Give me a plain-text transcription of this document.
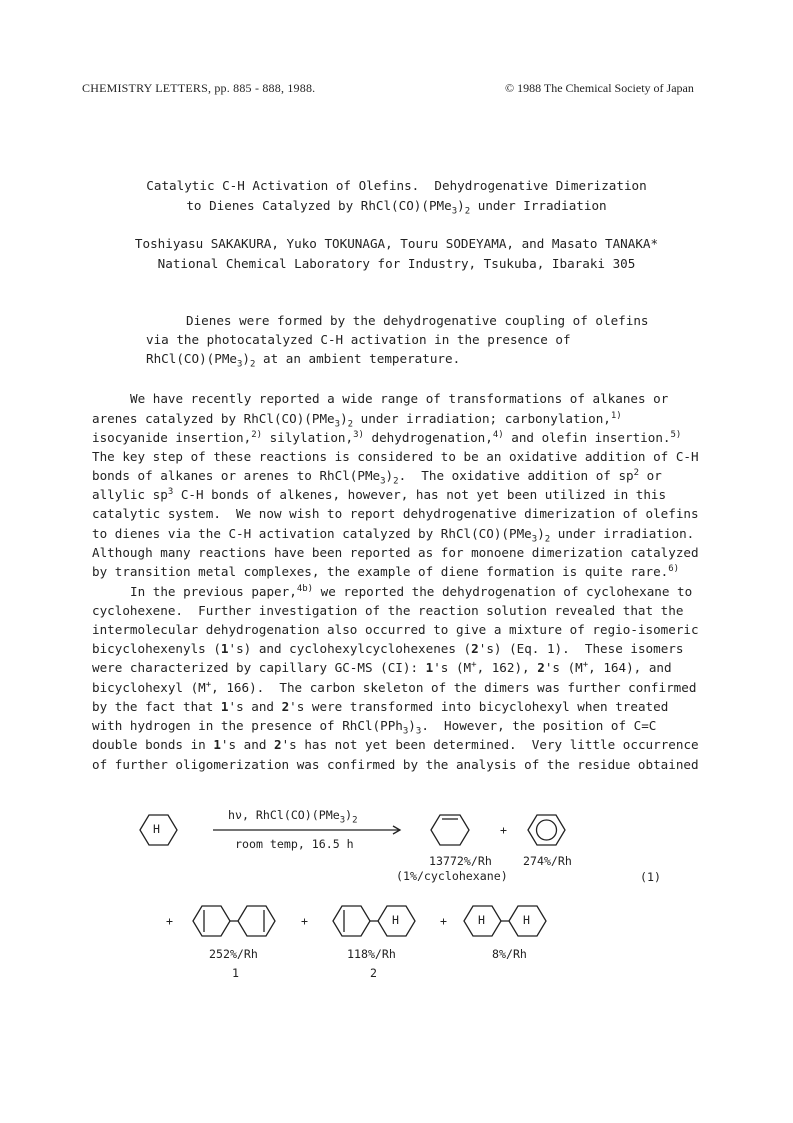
CHEMISTRY LETTERS, pp. 885 - 888, 1988.	© 1988 The Chemical Society of Japan
Catalytic C-H Activation of Olefins.  Dehydrogenative Dimerization
to Dienes Catalyzed by $RhCl(CO)(PMe_3)_2$ under Irradiation
Toshiyasu SAKAKURA, Yuko TOKUNAGA, Touru SODEYAMA, and Masato TANAKA*
National Chemical Laboratory for Industry, Tsukuba, Ibaraki 305
Dienes were formed by the dehydrogenative coupling of olefins
via the photocatalyzed C-H activation in the presence of
$RhCl(CO)(PMe_3)_2$ at an ambient temperature.
We have recently reported a wide range of transformations of alkanes or
arenes catalyzed by $RhCl(CO)(PMe_3)_2$ under irradiation; carbonylation,$^{1)}$
isocyanide insertion,$^{2)}$ silylation,$^{3)}$ dehydrogenation,$^{4)}$ and olefin insertion.$^{5)}$
The key step of these reactions is considered to be an oxidative addition of C-H
bonds of alkanes or arenes to $RhCl(PMe_3)_2$.  The oxidative addition of $sp^2$ or
allylic $sp^3$ C-H bonds of alkenes, however, has not yet been utilized in this
catalytic system.  We now wish to report dehydrogenative dimerization of olefins
to dienes via the C-H activation catalyzed by $RhCl(CO)(PMe_3)_2$ under irradiation.
Although many reactions have been reported as for monoene dimerization catalyzed
by transition metal complexes, the example of diene formation is quite rare.$^{6)}$
In the previous paper,$^{4b)}$ we reported the dehydrogenation of cyclohexane to
cyclohexene.  Further investigation of the reaction solution revealed that the
intermolecular dehydrogenation also occurred to give a mixture of regio-isomeric
bicyclohexenyls (1's) and cyclohexylcyclohexenes (2's) (Eq. 1).  These isomers
were characterized by capillary GC-MS (CI): 1's (M+, 162), 2's (M+, 164), and
bicyclohexyl (M+, 166).  The carbon skeleton of the dimers was further confirmed
by the fact that 1's and 2's were transformed into bicyclohexyl when treated
with hydrogen in the presence of $RhCl(PPh_3)_3$.  However, the position of C=C
double bonds in 1's and 2's has not yet been determined.  Very little occurrence
of further oligomerization was confirmed by the analysis of the residue obtained
H
H	H	H
hν, $RhCl(CO)(PMe_3)_2$
room temp, 16.5 h
+
13772%/Rh
(1%/cyclohexane)
274%/Rh
(1)
+	+	+
252%/Rh
1
118%/Rh
2
8%/Rh
